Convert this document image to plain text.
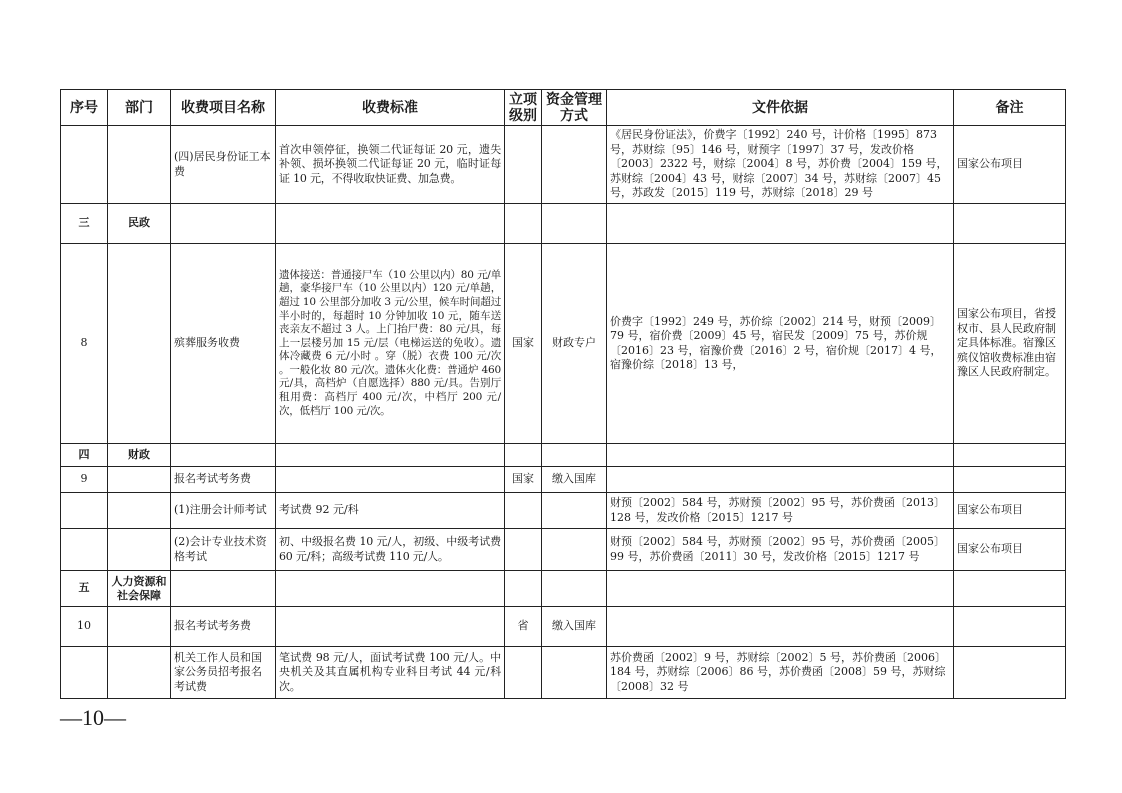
序号	部门	收费项目名称	收费标准	立项级别	资金管理方式	文件依据	备注
		(四)居民身份证工本费	首次申领停征，换领二代证每证 20 元，遗失补领、损坏换领二代证每证 20 元，临时证每证 10 元，不得收取快证费、加急费。			《居民身份证法》，价费字〔1992〕240 号，计价格〔1995〕873 号，苏财综〔95〕146 号，财预字〔1997〕37 号，发改价格〔2003〕2322 号，财综〔2004〕8 号，苏价费〔2004〕159 号，苏财综〔2004〕43 号，财综〔2007〕34 号，苏财综〔2007〕45 号，苏政发〔2015〕119 号，苏财综〔2018〕29 号	国家公布项目
三	民政						
8		殡葬服务收费	遗体接送：普通接尸车（10 公里以内）80 元/单趟，豪华接尸车（10 公里以内）120 元/单趟，超过 10 公里部分加收 3 元/公里，候车时间超过半小时的，每超时 10 分钟加收 10 元，随车送丧亲友不超过 3 人。上门抬尸费：80 元/具，每上一层楼另加 15 元/层（电梯运送的免收）。遗体冷藏费 6 元/小时 。穿（脱）衣费 100 元/次 。一般化妆 80 元/次。遗体火化费：普通炉 460 元/具，高档炉（自愿选择）880 元/具。告别厅租用费：高档厅 400 元/次，中档厅 200 元/次，低档厅 100 元/次。	国家	财政专户	价费字〔1992〕249 号，苏价综〔2002〕214 号，财预〔2009〕79 号，宿价费〔2009〕45 号，宿民发〔2009〕75 号，苏价规〔2016〕23 号，宿豫价费〔2016〕2 号，宿价规〔2017〕4 号，宿豫价综〔2018〕13 号，	国家公布项目，省授权市、县人民政府制定具体标准。宿豫区殡仪馆收费标准由宿豫区人民政府制定。
四	财政						
9		报名考试考务费		国家	缴入国库		
		(1)注册会计师考试	考试费 92 元/科			财预〔2002〕584 号，苏财预〔2002〕95 号，苏价费函〔2013〕128 号，发改价格〔2015〕1217 号	国家公布项目
		(2)会计专业技术资格考试	初、中级报名费 10 元/人，初级、中级考试费 60 元/科；高级考试费 110 元/人。			财预〔2002〕584 号，苏财预〔2002〕95 号，苏价费函〔2005〕99 号，苏价费函〔2011〕30 号，发改价格〔2015〕1217 号	国家公布项目
五	人力资源和社会保障						
10		报名考试考务费		省	缴入国库		
		机关工作人员和国家公务员招考报名考试费	笔试费 98 元/人，面试考试费 100 元/人。中央机关及其直属机构专业科目考试 44 元/科次。			苏价费函〔2002〕9 号，苏财综〔2002〕5 号，苏价费函〔2006〕184 号，苏财综〔2006〕86 号，苏价费函〔2008〕59 号，苏财综〔2008〕32 号	
—10—
